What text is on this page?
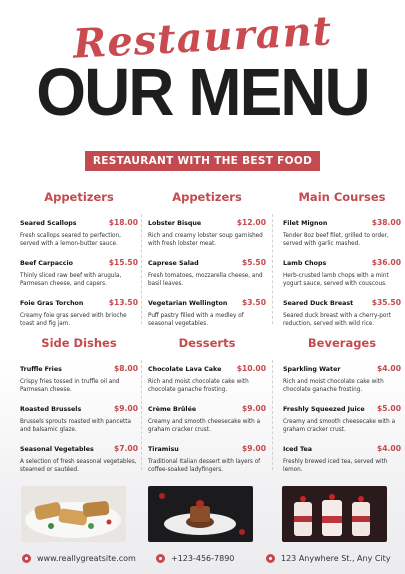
OUR MENU
Restaurant
RESTAURANT WITH THE BEST FOOD
Appetizers
Seared Scallops	$18.00
Fresh scallops seared to perfection, served with a lemon-butter sauce.
Beef Carpaccio	$15.50
Thinly sliced raw beef with arugula, Parmesan cheese, and capers.
Foie Gras Torchon	$13.50
Creamy foie gras served with brioche toast and fig jam.
Appetizers
Lobster Bisque	$12.00
Rich and creamy lobster soup garnished with fresh lobster meat.
Caprese Salad	$5.50
Fresh tomatoes, mozzarella cheese, and basil leaves.
Vegetarian Wellington $3.50
Puff pastry filled with a medley of seasonal vegetables.
Main Courses
Filet Mignon	$38.00
Tender 8oz beef filet, grilled to order, served with garlic mashed.
Lamb Chops	$36.00
Herb-crusted lamb chops with a mint yogurt sauce, served with couscous.
Seared Duck Breast $35.50
Seared duck breast with a cherry-port reduction, served with wild rice.
Side Dishes
Truffle Fries	$8.00
Crispy fries tossed in truffle oil and Parmesan cheese.
Roasted Brussels	$9.00
Brussels sprouts roasted with pancetta and balsamic glaze.
Seasonal Vegetables	$7.00
A selection of fresh seasonal vegetables, steamed or sautéed.
Desserts
Chocolate Lava Cake $10.00
Rich and moist chocolate cake with chocolate ganache frosting.
Crème Brûlée	$9.00
Creamy and smooth cheesecake with a graham cracker crust.
Tiramisu	$9.00
Traditional Italian dessert with layers of coffee-soaked ladyfingers.
Beverages
Sparkling Water	$4.00
Rich and moist chocolate cake with chocolate ganache frosting.
Freshly Squeezed Juice $5.00
Creamy and smooth cheesecake with a graham cracker crust.
Iced Tea	$4.00
Freshly brewed iced tea, served with lemon.
www.reallygreatsite.com	+123-456-7890	123 Anywhere St., Any City
